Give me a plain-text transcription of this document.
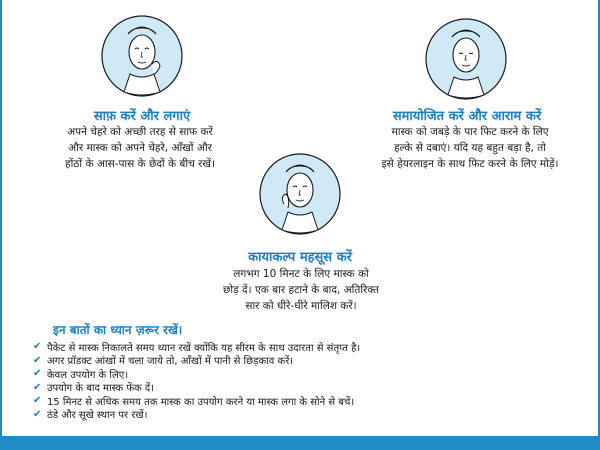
साफ़ करें और लगाएं
अपने चेहरे को अच्छी तरह से साफ करें
और मास्क को अपने चेहरे, आँखों और
होंठों के आस-पास के छेदों के बीच रखें।
समायोजित करें और आराम करें
मास्क को जबड़े के पार फिट करने के लिए
हल्के से दबाएं। यदि यह बहुत बड़ा है, तो
इसे हेयरलाइन के साथ फिट करने के लिए मोड़ें।
कायाकल्प महसूस करें
लगभग 10 मिनट के लिए मास्क को
छोड़ दें। एक बार हटाने के बाद, अतिरिक्त
सार को धीरे-धीरे मालिश करें।
इन बातों का ध्यान ज़रूर रखें।
✔ पैकेट से मास्क निकालते समय ध्यान रखें क्योंकि यह सीरम के साथ उदारता से संतृप्त है।
✔ अगर प्रॉडक्ट आंखों में चला जाये तो, आँखों में पानी से छिड़काव करें।
✔ केवल उपयोग के लिए।
✔ उपयोग के बाद मास्क फेंक दें।
✔ 15 मिनट से अधिक समय तक मास्क का उपयोग करने या मास्क लगा के सोने से बचें।
✔ ठंडे और सूखे स्थान पर रखें।
